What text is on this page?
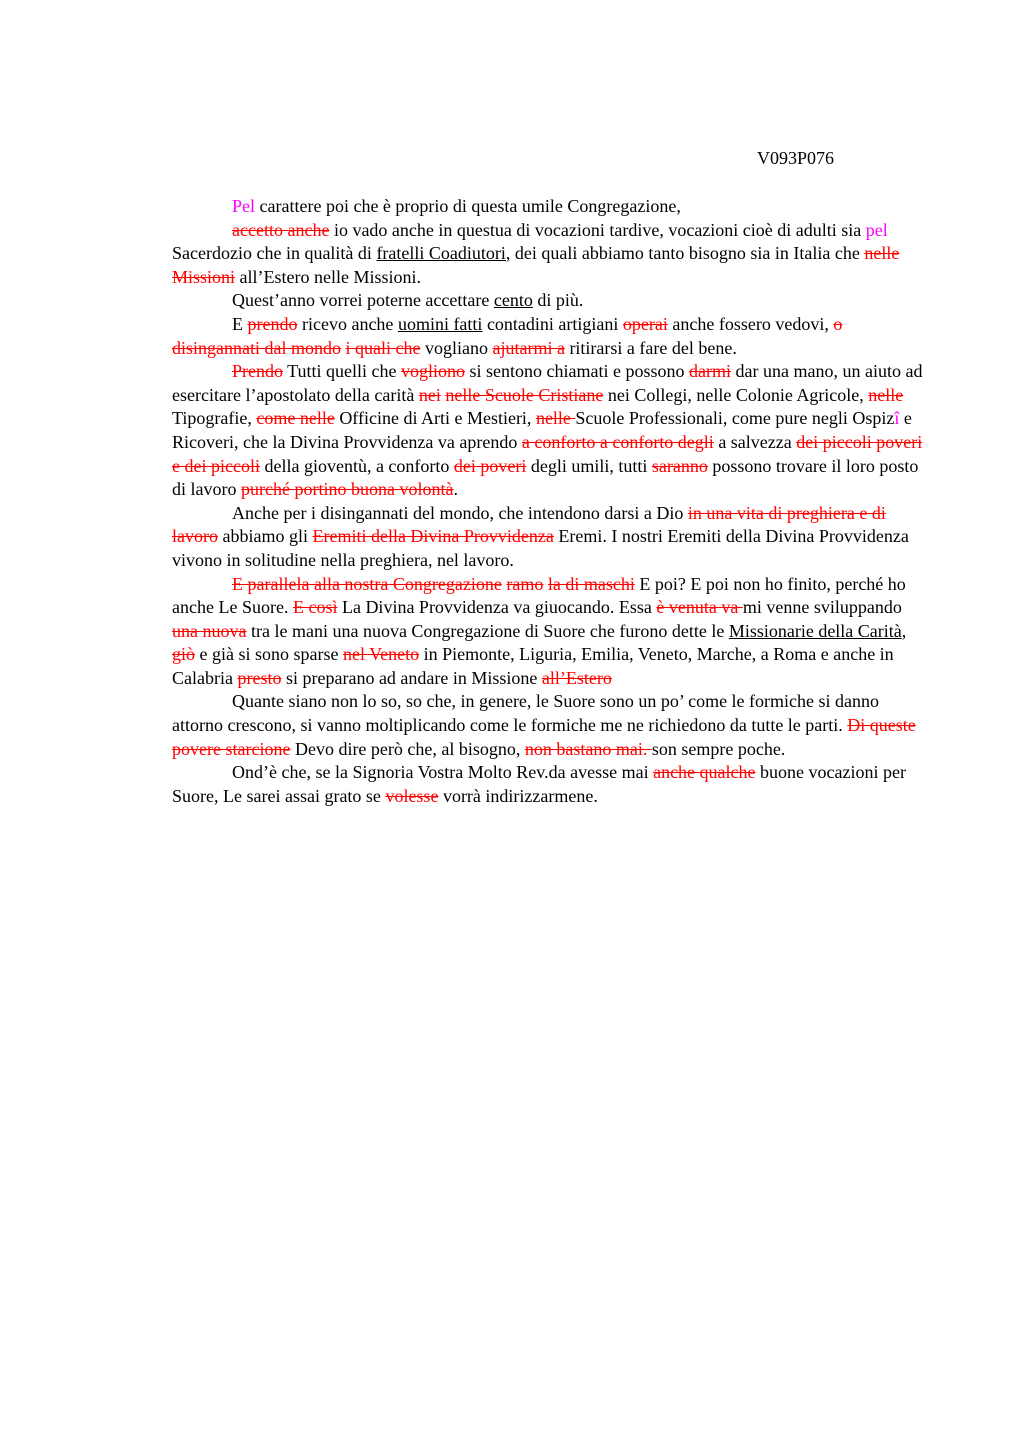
V093P076

Pel carattere poi che è proprio di questa umile Congregazione,

accetto anche io vado anche in questua di vocazioni tardive, vocazioni cioè di adulti sia pel Sacerdozio che in qualità di fratelli Coadiutori, dei quali abbiamo tanto bisogno sia in Italia che nelle Missioni all’Estero nelle Missioni.

Quest’anno vorrei poterne accettare cento di più.

E prendo ricevo anche uomini fatti contadini artigiani operai anche fossero vedovi, o disingannati dal mondo i quali che vogliano ajutarmi a ritirarsi a fare del bene.

Prendo Tutti quelli che vogliono si sentono chiamati e possono darmi dar una mano, un aiuto ad esercitare l’apostolato della carità nei nelle Scuole Cristiane nei Collegi, nelle Colonie Agricole, nelle Tipografie, come nelle Officine di Arti e Mestieri, nelle Scuole Professionali, come pure negli Ospizî e Ricoveri, che la Divina Provvidenza va aprendo a conforto a conforto degli a salvezza dei piccoli poveri e dei piccoli della gioventù, a conforto dei poveri degli umili, tutti saranno possono trovare il loro posto di lavoro purché portino buona volontà.

Anche per i disingannati del mondo, che intendono darsi a Dio in una vita di preghiera e di lavoro abbiamo gli Eremiti della Divina Provvidenza Eremi. I nostri Eremiti della Divina Provvidenza vivono in solitudine nella preghiera, nel lavoro.

E parallela alla nostra Congregazione ramo la di maschi E poi? E poi non ho finito, perché ho anche Le Suore. E così La Divina Provvidenza va giuocando. Essa è venuta va mi venne sviluppando una nuova tra le mani una nuova Congregazione di Suore che furono dette le Missionarie della Carità, giò e già si sono sparse nel Veneto in Piemonte, Liguria, Emilia, Veneto, Marche, a Roma e anche in Calabria presto si preparano ad andare in Missione all’Estero

Quante siano non lo so, so che, in genere, le Suore sono un po’ come le formiche si danno attorno crescono, si vanno moltiplicando come le formiche me ne richiedono da tutte le parti. Di queste povere starcione Devo dire però che, al bisogno, non bastano mai. son sempre poche.

Ond’è che, se la Signoria Vostra Molto Rev.da avesse mai anche qualche buone vocazioni per Suore, Le sarei assai grato se volesse vorrà indirizzarmene.
